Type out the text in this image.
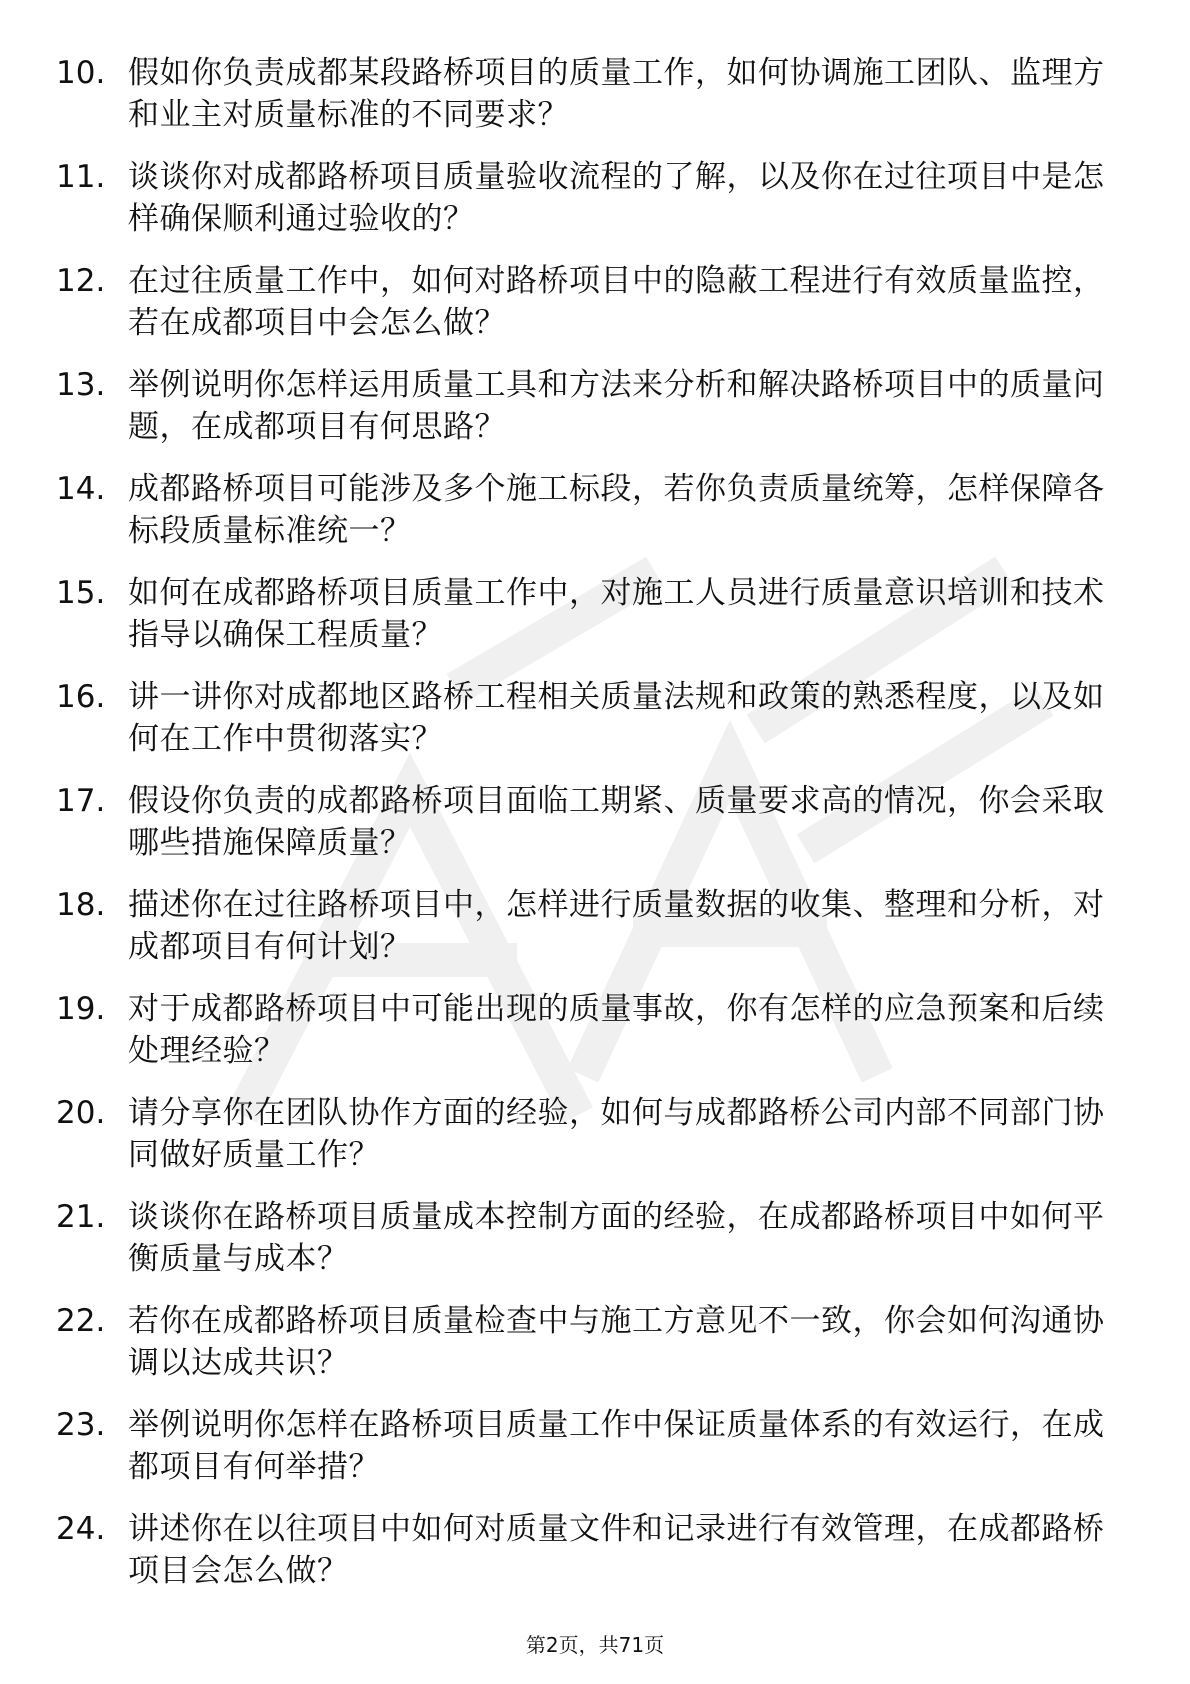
10. 假如你负责成都某段路桥项目的质量工作，如何协调施工团队、监理方和业主对质量标准的不同要求？
11. 谈谈你对成都路桥项目质量验收流程的了解，以及你在过往项目中是怎样确保顺利通过验收的？
12. 在过往质量工作中，如何对路桥项目中的隐蔽工程进行有效质量监控，若在成都项目中会怎么做？
13. 举例说明你怎样运用质量工具和方法来分析和解决路桥项目中的质量问题，在成都项目有何思路？
14. 成都路桥项目可能涉及多个施工标段，若你负责质量统筹，怎样保障各标段质量标准统一？
15. 如何在成都路桥项目质量工作中，对施工人员进行质量意识培训和技术指导以确保工程质量？
16. 讲一讲你对成都地区路桥工程相关质量法规和政策的熟悉程度，以及如何在工作中贯彻落实？
17. 假设你负责的成都路桥项目面临工期紧、质量要求高的情况，你会采取哪些措施保障质量？
18. 描述你在过往路桥项目中，怎样进行质量数据的收集、整理和分析，对成都项目有何计划？
19. 对于成都路桥项目中可能出现的质量事故，你有怎样的应急预案和后续处理经验？
20. 请分享你在团队协作方面的经验，如何与成都路桥公司内部不同部门协同做好质量工作？
21. 谈谈你在路桥项目质量成本控制方面的经验，在成都路桥项目中如何平衡质量与成本？
22. 若你在成都路桥项目质量检查中与施工方意见不一致，你会如何沟通协调以达成共识？
23. 举例说明你怎样在路桥项目质量工作中保证质量体系的有效运行，在成都项目有何举措？
24. 讲述你在以往项目中如何对质量文件和记录进行有效管理，在成都路桥项目会怎么做？
第2页，共71页
